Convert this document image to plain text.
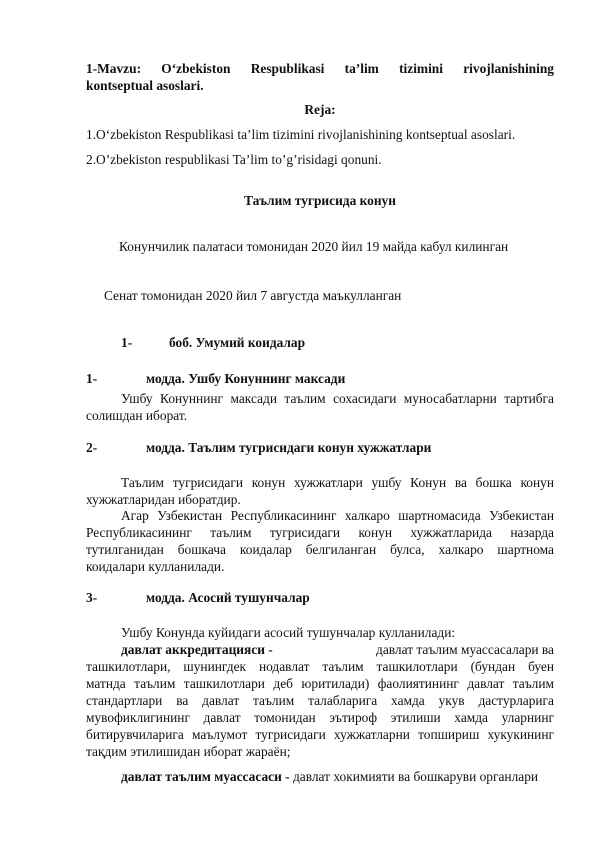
1-Mavzu: O‘zbekiston Respublikasi ta’lim tizimini rivojlanishining
kontseptual asoslari.
Reja:
1.O‘zbekiston Respublikasi ta’lim tizimini rivojlanishining kontseptual asoslari.
2.O’zbekiston respublikasi Ta’lim to’g’risidagi qonuni.
Таълим тугрисида конун
Конунчилик палатаси томонидан 2020 йил 19 майда кабул килинган
Сенат томонидан 2020 йил 7 августда маъкулланган
1-	боб. Умумий коидалар
1-	модда. Ушбу Конуннинг максади
Ушбу Конуннинг максади таълим сохасидаги муносабатларни тартибга
солишдан иборат.
2-	модда. Таълим тугрисидаги конун хужжатлари
Таълим тугрисидаги конун хужжатлари ушбу Конун ва бошка конун
хужжатларидан иборатдир.
Агар Узбекистан Республикасининг халкаро шартномасида Узбекистан
Республикасининг таълим тугрисидаги конун хужжатларида назарда
тутилганидан бошкача коидалар белгиланган булса, халкаро шартнома
коидалари кулланилади.
3-	модда. Асосий тушунчалар
Ушбу Конунда куйидаги асосий тушунчалар кулланилади:
давлат аккредитацияси -	давлат таълим муассасалари ва
ташкилотлари, шунингдек нодавлат таълим ташкилотлари (бундан буен
матнда таълим ташкилотлари деб юритилади) фаолиятининг давлат таълим
стандартлари ва давлат таълим талабларига хамда укув дастурларига
мувофиклигининг давлат томонидан эътироф этилиши хамда уларнинг
битирувчиларига маълумот тугрисидаги хужжатларни топшириш хукукининг
тақдим этилишидан иборат жараён;
давлат таълим муассасаси - давлат хокимияти ва бошкаруви органлари
